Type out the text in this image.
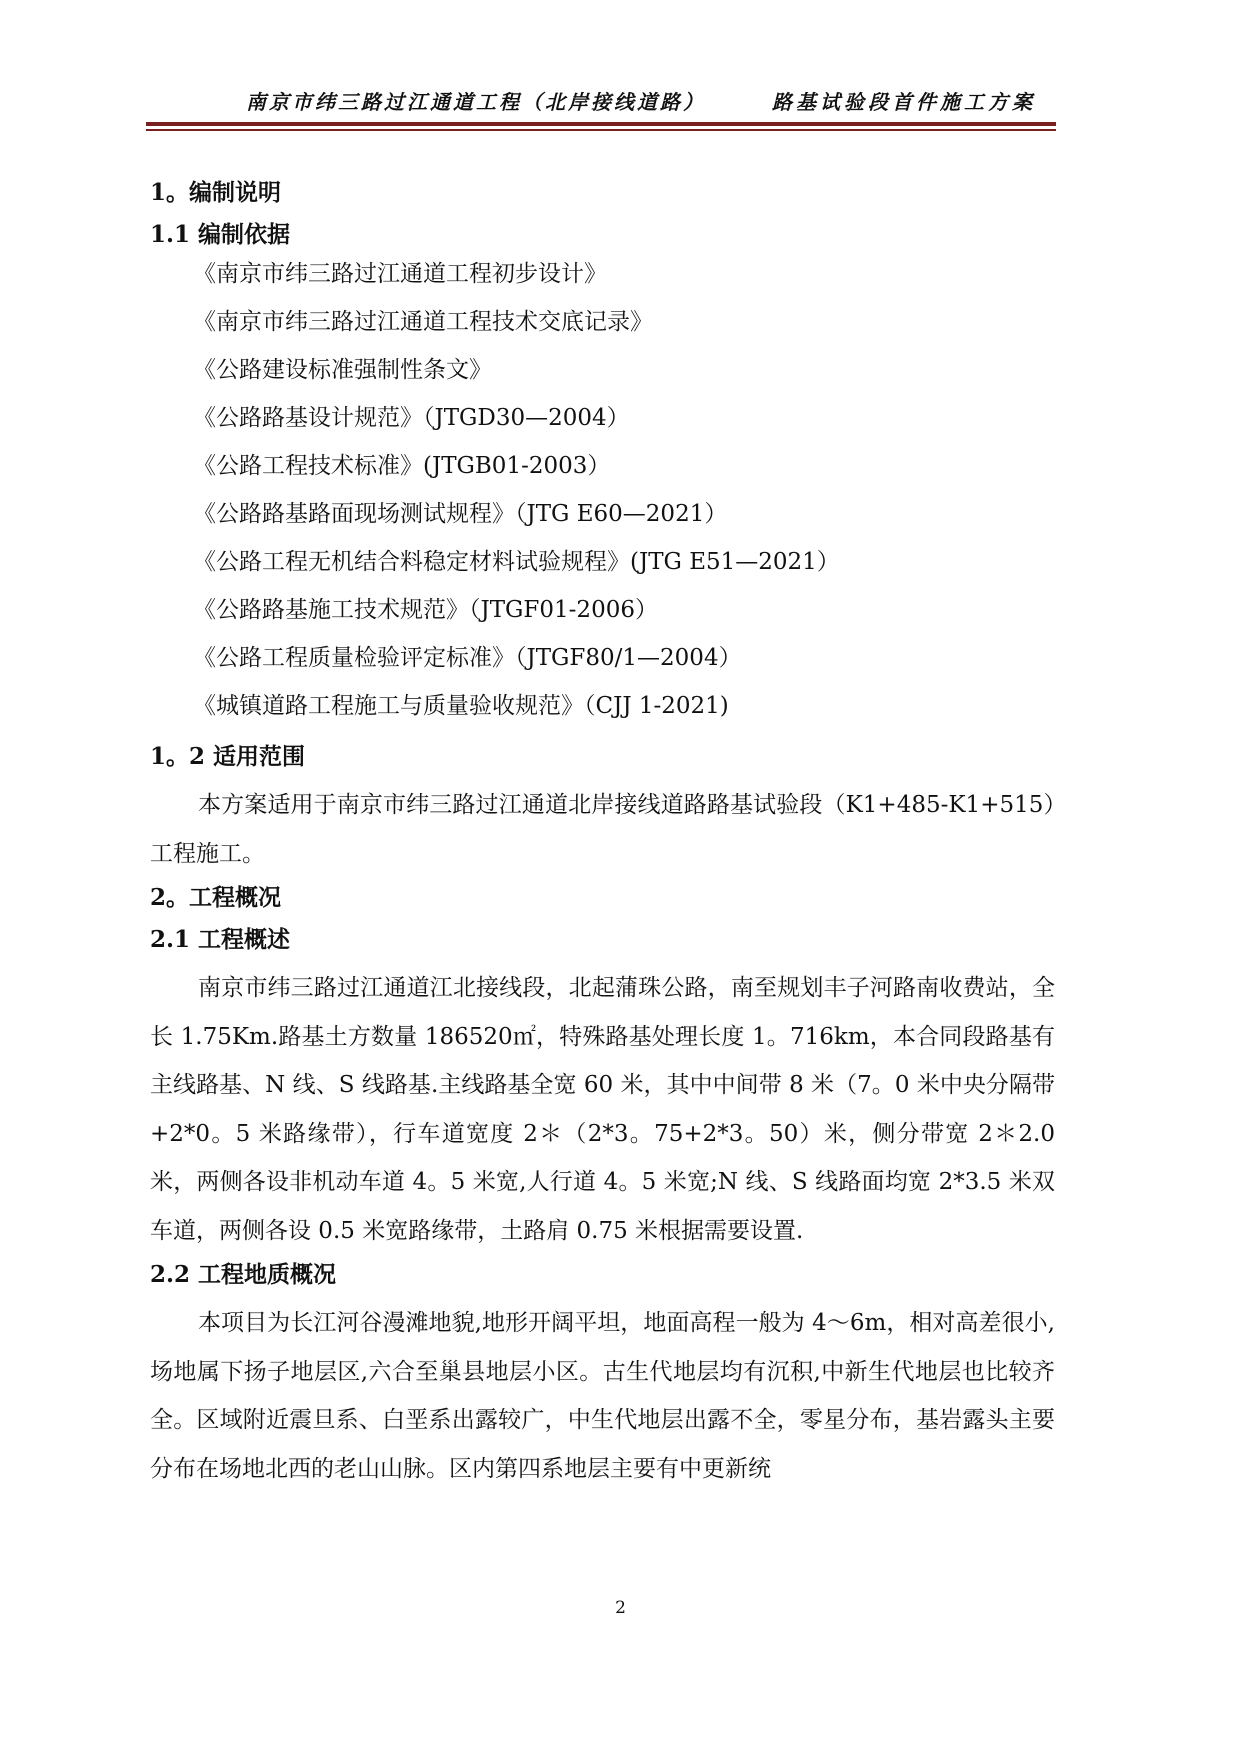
南京市纬三路过江通道工程（北岸接线道路）	路基试验段首件施工方案
1。编制说明
1.1 编制依据
《南京市纬三路过江通道工程初步设计》
《南京市纬三路过江通道工程技术交底记录》
《公路建设标准强制性条文》
《公路路基设计规范》（JTGD30—2004）
《公路工程技术标准》(JTGB01-2003）
《公路路基路面现场测试规程》（JTG E60—2021）
《公路工程无机结合料稳定材料试验规程》(JTG E51—2021）
《公路路基施工技术规范》（JTGF01-2006）
《公路工程质量检验评定标准》（JTGF80/1—2004）
《城镇道路工程施工与质量验收规范》（CJJ 1-2021)
1。2 适用范围
本方案适用于南京市纬三路过江通道北岸接线道路路基试验段（K1+485-K1+515）工程施工。
2。工程概况
2.1 工程概述
南京市纬三路过江通道江北接线段，北起蒲珠公路，南至规划丰子河路南收费站，全长 1.75Km.路基土方数量 186520㎡，特殊路基处理长度 1。716km，本合同段路基有主线路基、N 线、S 线路基.主线路基全宽 60 米，其中中间带 8 米（7。0 米中央分隔带+2*0。5 米路缘带），行车道宽度 2＊（2*3。75+2*3。50）米，侧分带宽 2＊2.0 米，两侧各设非机动车道 4。5 米宽,人行道 4。5 米宽;N 线、S 线路面均宽 2*3.5 米双车道，两侧各设 0.5 米宽路缘带，土路肩 0.75 米根据需要设置.
2.2 工程地质概况
本项目为长江河谷漫滩地貌,地形开阔平坦，地面高程一般为 4～6m，相对高差很小,场地属下扬子地层区,六合至巢县地层小区。古生代地层均有沉积,中新生代地层也比较齐全。区域附近震旦系、白垩系出露较广，中生代地层出露不全，零星分布，基岩露头主要分布在场地北西的老山山脉。区内第四系地层主要有中更新统
2
